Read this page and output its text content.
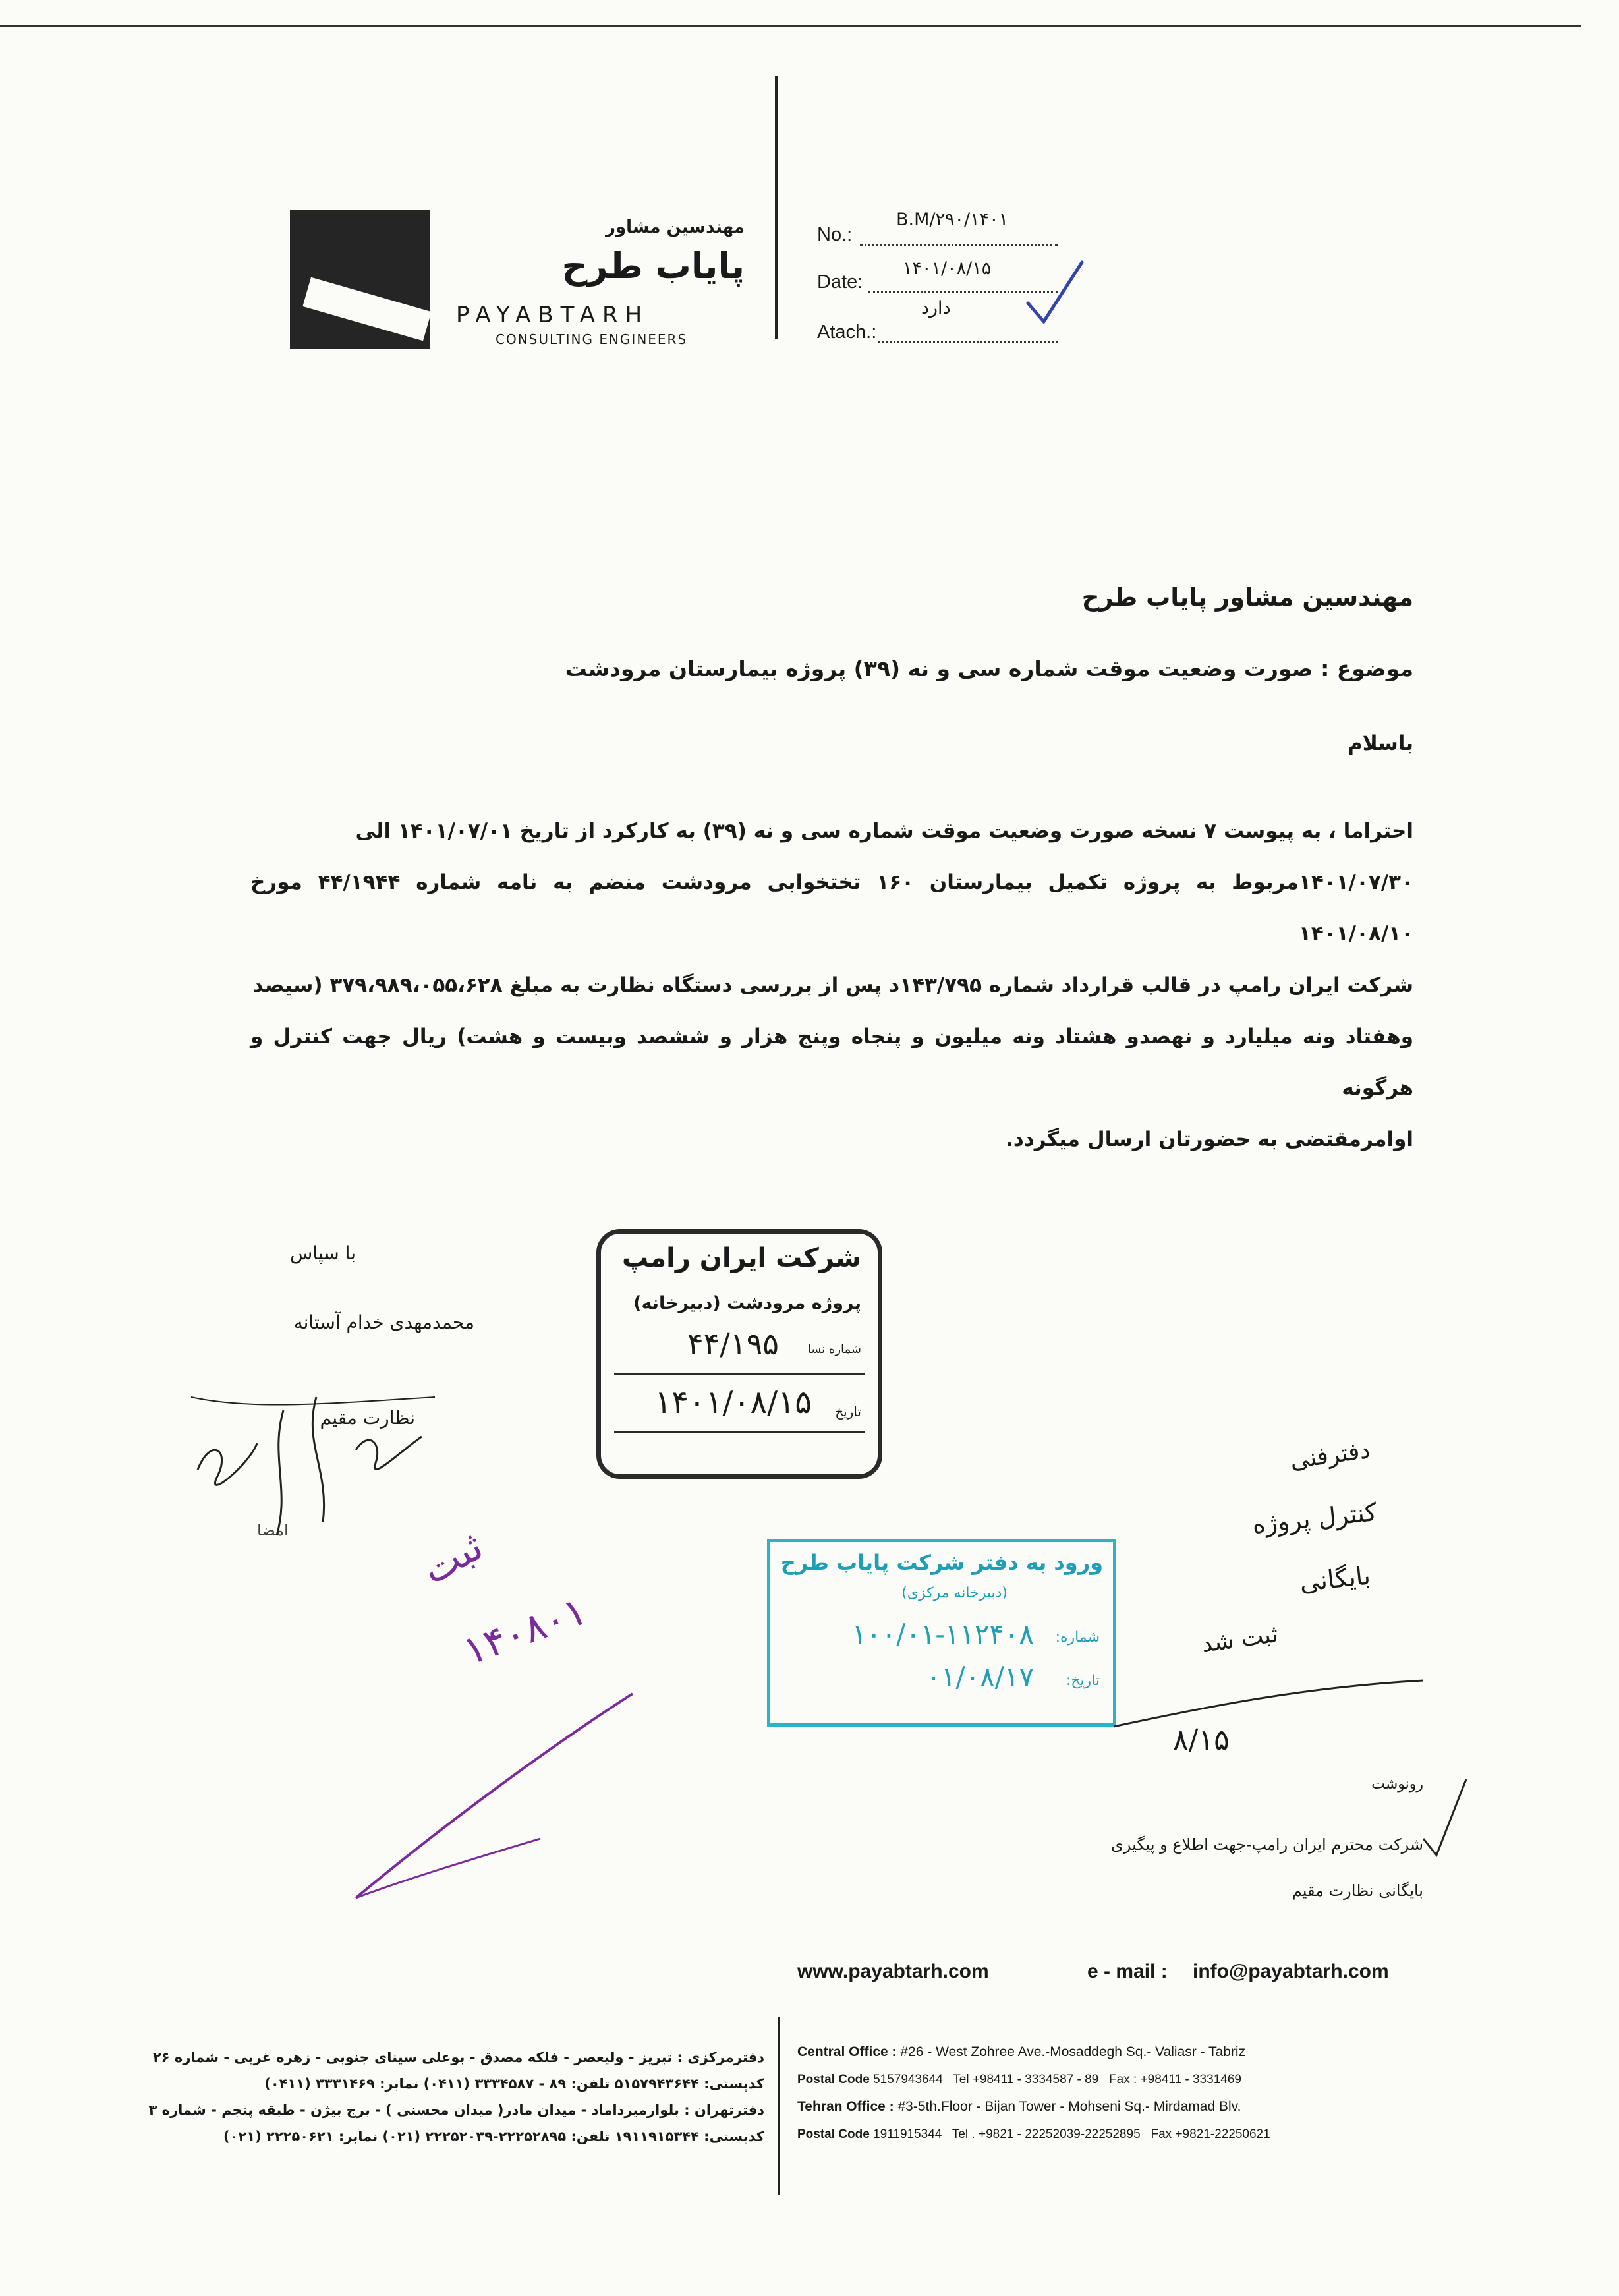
مهندسین مشاور
پایاب طرح
PAYABTARH
CONSULTING ENGINEERS
No.:
B.M/۲۹۰/۱۴۰۱
Date:
۱۴۰۱/۰۸/۱۵
Atach.:
دارد
مهندسین مشاور پایاب طرح
موضوع : صورت وضعیت موقت شماره سی و نه (۳۹) پروژه بیمارستان مرودشت
باسلام
احتراما ، به پیوست ۷ نسخه صورت وضعیت موقت شماره سی و نه (۳۹) به کارکرد از تاریخ ۱۴۰۱/۰۷/۰۱ الی
۱۴۰۱/۰۷/۳۰مربوط به پروژه تکمیل بیمارستان ۱۶۰ تختخوابی مرودشت منضم به نامه شماره ۴۴/۱۹۴۴ مورخ ۱۴۰۱/۰۸/۱۰
شرکت ایران رامپ در قالب قرارداد شماره ۱۴۳/۷۹۵د پس از بررسی دستگاه نظارت به مبلغ ۳۷۹،۹۸۹،۰۵۵،۶۲۸ (سیصد
وهفتاد ونه میلیارد و نهصدو هشتاد ونه میلیون و پنجاه وپنج هزار و ششصد وبیست و هشت) ریال جهت کنترل و هرگونه
اوامرمقتضی به حضورتان ارسال میگردد.
با سپاس
محمدمهدی خدام آستانه
نظارت مقیم
امضا
شرکت ایران رامپ
پروژه مرودشت (دبیرخانه)
شماره نسا
۴۴/۱۹۵
تاریخ
۱۴۰۱/۰۸/۱۵
ورود به دفتر شرکت پایاب طرح
(دبیرخانه مرکزی)
شماره:
۱۰۰/۰۱-۱۱۲۴۰۸
تاریخ:
۰۱/۰۸/۱۷
دفترفنی
کنترل پروژه
بایگانی
ثبت شد
۸/۱۵
۱۴۰۸۰۱
ثبت
رونوشت
شرکت محترم ایران رامپ-جهت اطلاع و پیگیری
بایگانی نظارت مقیم
www.payabtarh.com	e - mail : info@payabtarh.com
دفترمرکزی : تبریز - ولیعصر - فلکه مصدق - بوعلی سینای جنوبی - زهره غربی - شماره ۲۶
کدپستی: ۵۱۵۷۹۴۳۶۴۴ تلفن: ۸۹ - ۳۳۳۴۵۸۷ (۰۴۱۱) نمابر: ۳۳۳۱۴۶۹ (۰۴۱۱)
دفترتهران : بلوارمیرداماد - میدان مادر( میدان محسنی ) - برج بیژن - طبقه پنجم - شماره ۳
کدپستی: ۱۹۱۱۹۱۵۳۴۴ تلفن: ۲۲۲۵۲۸۹۵-۲۲۲۵۲۰۳۹ (۰۲۱) نمابر: ۲۲۲۵۰۶۲۱ (۰۲۱)
Central Office : #26 - West Zohree Ave.-Mosaddegh Sq.- Valiasr - Tabriz
Postal Code 5157943644 Tel +98411 - 3334587 - 89 Fax : +98411 - 3331469
Tehran Office : #3-5th.Floor - Bijan Tower - Mohseni Sq.- Mirdamad Blv.
Postal Code 1911915344 Tel . +9821 - 22252039-22252895 Fax +9821-22250621
